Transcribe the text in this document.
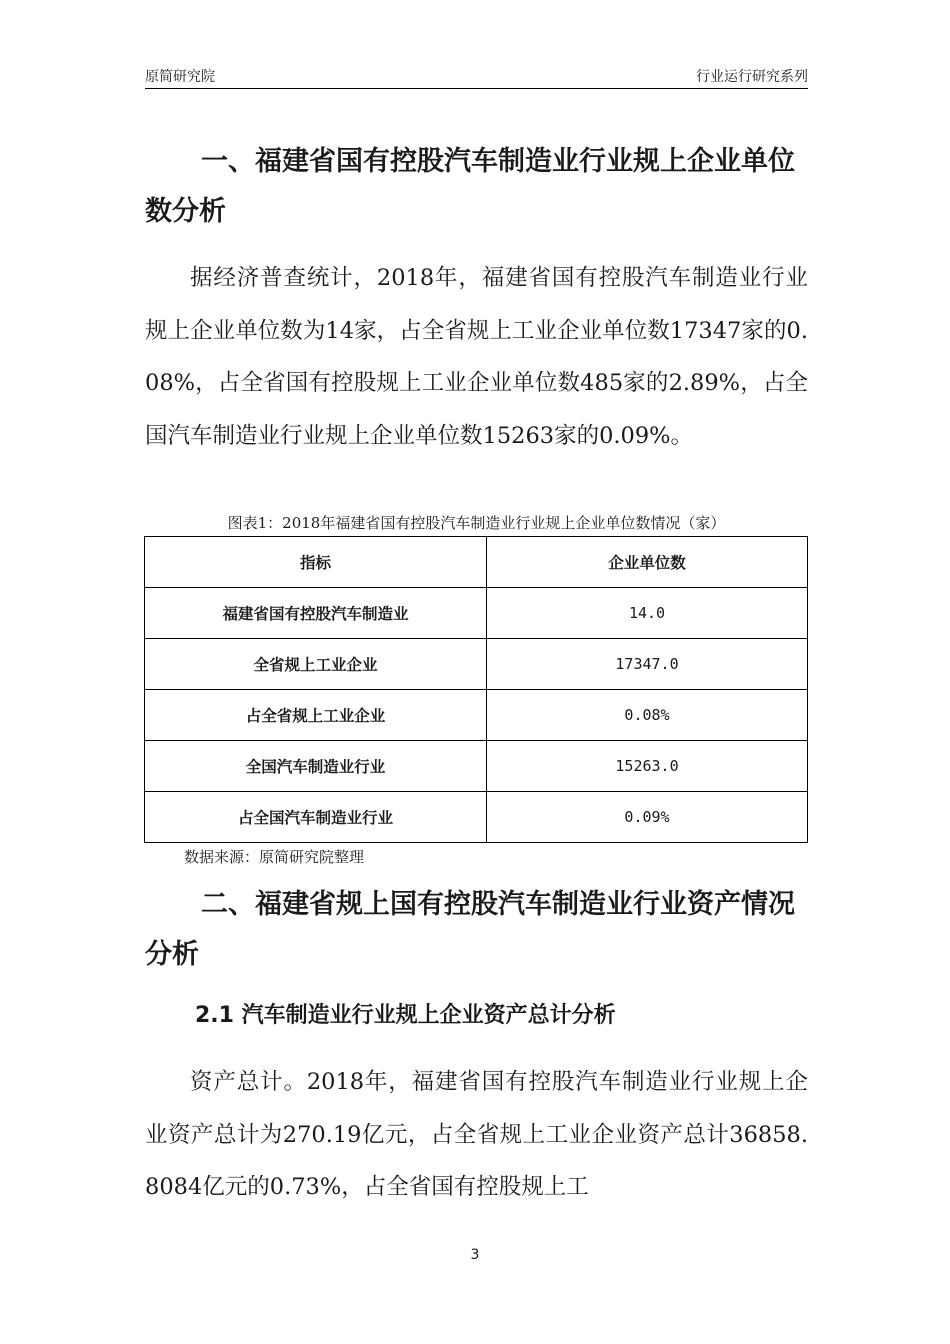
原简研究院	行业运行研究系列
一、福建省国有控股汽车制造业行业规上企业单位数分析

据经济普查统计，2018年，福建省国有控股汽车制造业行业规上企业单位数为14家，占全省规上工业企业单位数17347家的0.08%，占全省国有控股规上工业企业单位数485家的2.89%，占全国汽车制造业行业规上企业单位数15263家的0.09%。

图表1：2018年福建省国有控股汽车制造业行业规上企业单位数情况（家）
指标	企业单位数
福建省国有控股汽车制造业	14.0
全省规上工业企业	17347.0
占全省规上工业企业	0.08%
全国汽车制造业行业	15263.0
占全国汽车制造业行业	0.09%
数据来源：原简研究院整理
二、福建省规上国有控股汽车制造业行业资产情况分析
2.1 汽车制造业行业规上企业资产总计分析

资产总计。2018年，福建省国有控股汽车制造业行业规上企业资产总计为270.19亿元，占全省规上工业企业资产总计36858.8084亿元的0.73%，占全省国有控股规上工

3
